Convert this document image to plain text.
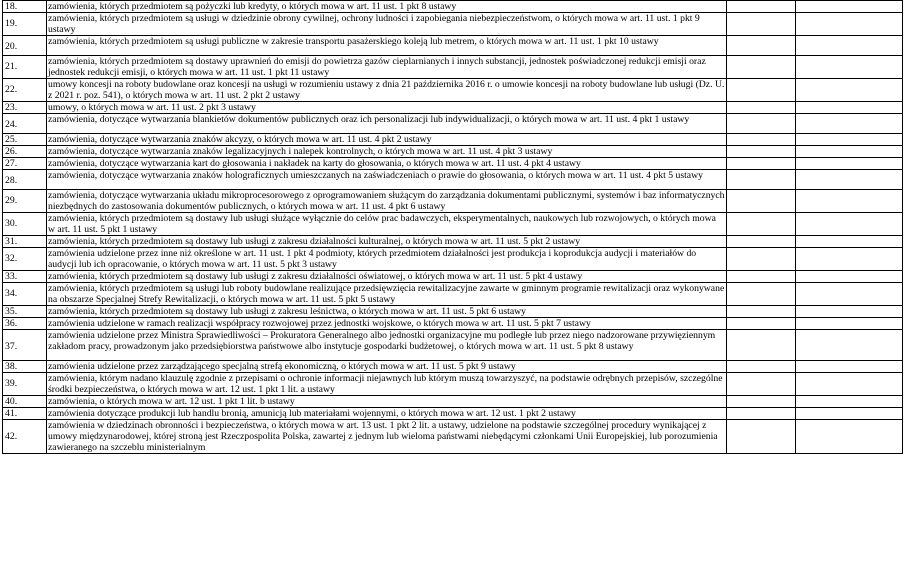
18.	zamówienia, których przedmiotem są pożyczki lub kredyty, o których mowa w art. 11 ust. 1 pkt 8 ustawy		

19.	zamówienia, których przedmiotem są usługi w dziedzinie obrony cywilnej, ochrony ludności i zapobiegania niebezpieczeństwom, o których mowa w art. 11 ust. 1 pkt 9 ustawy		

20.	zamówienia, których przedmiotem są usługi publiczne w zakresie transportu pasażerskiego koleją lub metrem, o których mowa w art. 11 ust. 1 pkt 10 ustawy		

21.	zamówienia, których przedmiotem są dostawy uprawnień do emisji do powietrza gazów cieplarnianych i innych substancji, jednostek poświadczonej redukcji emisji oraz jednostek redukcji emisji, o których mowa w art. 11 ust. 1 pkt 11 ustawy		

22.	umowy koncesji na roboty budowlane oraz koncesji na usługi w rozumieniu ustawy z dnia 21 października 2016 r. o umowie koncesji na roboty budowlane lub usługi (Dz. U. z 2021 r. poz. 541), o których mowa w art. 11 ust. 2 pkt 2 ustawy		

23.	umowy, o których mowa w art. 11 ust. 2 pkt 3 ustawy		

24.	zamówienia, dotyczące wytwarzania blankietów dokumentów publicznych oraz ich personalizacji lub indywidualizacji, o których mowa w art. 11 ust. 4 pkt 1 ustawy		

25.	zamówienia, dotyczące wytwarzania znaków akcyzy, o których mowa w art. 11 ust. 4 pkt 2 ustawy		

26.	zamówienia, dotyczące wytwarzania znaków legalizacyjnych i nalepek kontrolnych, o których mowa w art. 11 ust. 4 pkt 3 ustawy		

27.	zamówienia, dotyczące wytwarzania kart do głosowania i nakładek na karty do głosowania, o których mowa w art. 11 ust. 4 pkt 4 ustawy		

28.	zamówienia, dotyczące wytwarzania znaków holograficznych umieszczanych na zaświadczeniach o prawie do głosowania, o których mowa w art. 11 ust. 4 pkt 5 ustawy		

29.	zamówienia, dotyczące wytwarzania układu mikroprocesorowego z oprogramowaniem służącym do zarządzania dokumentami publicznymi, systemów i baz informatycznych niezbędnych do zastosowania dokumentów publicznych, o których mowa w art. 11 ust. 4 pkt 6 ustawy		

30.	zamówienia, których przedmiotem są dostawy lub usługi służące wyłącznie do celów prac badawczych, eksperymentalnych, naukowych lub rozwojowych, o których mowa w art. 11 ust. 5 pkt 1 ustawy		

31.	zamówienia, których przedmiotem są dostawy lub usługi z zakresu działalności kulturalnej, o których mowa w art. 11 ust. 5 pkt 2 ustawy		

32.	zamówienia udzielone przez inne niż określone w art. 11 ust. 1 pkt 4 podmioty, których przedmiotem działalności jest produkcja i koprodukcja audycji i materiałów do audycji lub ich opracowanie, o których mowa w art. 11 ust. 5 pkt 3 ustawy		

33.	zamówienia, których przedmiotem są dostawy lub usługi z zakresu działalności oświatowej, o których mowa w art. 11 ust. 5 pkt 4 ustawy		

34.	zamówienia, których przedmiotem są usługi lub roboty budowlane realizujące przedsięwzięcia rewitalizacyjne zawarte w gminnym programie rewitalizacji oraz wykonywane na obszarze Specjalnej Strefy Rewitalizacji, o których mowa w art. 11 ust. 5 pkt 5 ustawy		

35.	zamówienia, których przedmiotem są dostawy lub usługi z zakresu leśnictwa, o których mowa w art. 11 ust. 5 pkt 6 ustawy		

36.	zamówienia udzielone w ramach realizacji współpracy rozwojowej przez jednostki wojskowe, o których mowa w art. 11 ust. 5 pkt 7 ustawy		

37.	zamówienia udzielone przez Ministra Sprawiedliwości – Prokuratora Generalnego albo jednostki organizacyjne mu podległe lub przez niego nadzorowane przywięziennym zakładom pracy, prowadzonym jako przedsiębiorstwa państwowe albo instytucje gospodarki budżetowej, o których mowa w art. 11 ust. 5 pkt 8 ustawy		

38.	zamówienia udzielone przez zarządzającego specjalną strefą ekonomiczną, o których mowa w art. 11 ust. 5 pkt 9 ustawy		

39.	zamówienia, którym nadano klauzulę zgodnie z przepisami o ochronie informacji niejawnych lub którym muszą towarzyszyć, na podstawie odrębnych przepisów, szczególne środki bezpieczeństwa, o których mowa w art. 12 ust. 1 pkt 1 lit. a ustawy		

40.	zamówienia, o których mowa w art. 12 ust. 1 pkt 1 lit. b ustawy		

41.	zamówienia dotyczące produkcji lub handlu bronią, amunicją lub materiałami wojennymi, o których mowa w art. 12 ust. 1 pkt 2 ustawy		

42.	zamówienia w dziedzinach obronności i bezpieczeństwa, o których mowa w art. 13 ust. 1 pkt 2 lit. a ustawy, udzielone na podstawie szczególnej procedury wynikającej z umowy międzynarodowej, której stroną jest Rzeczpospolita Polska, zawartej z jednym lub wieloma państwami niebędącymi członkami Unii Europejskiej, lub porozumienia zawieranego na szczeblu ministerialnym		
